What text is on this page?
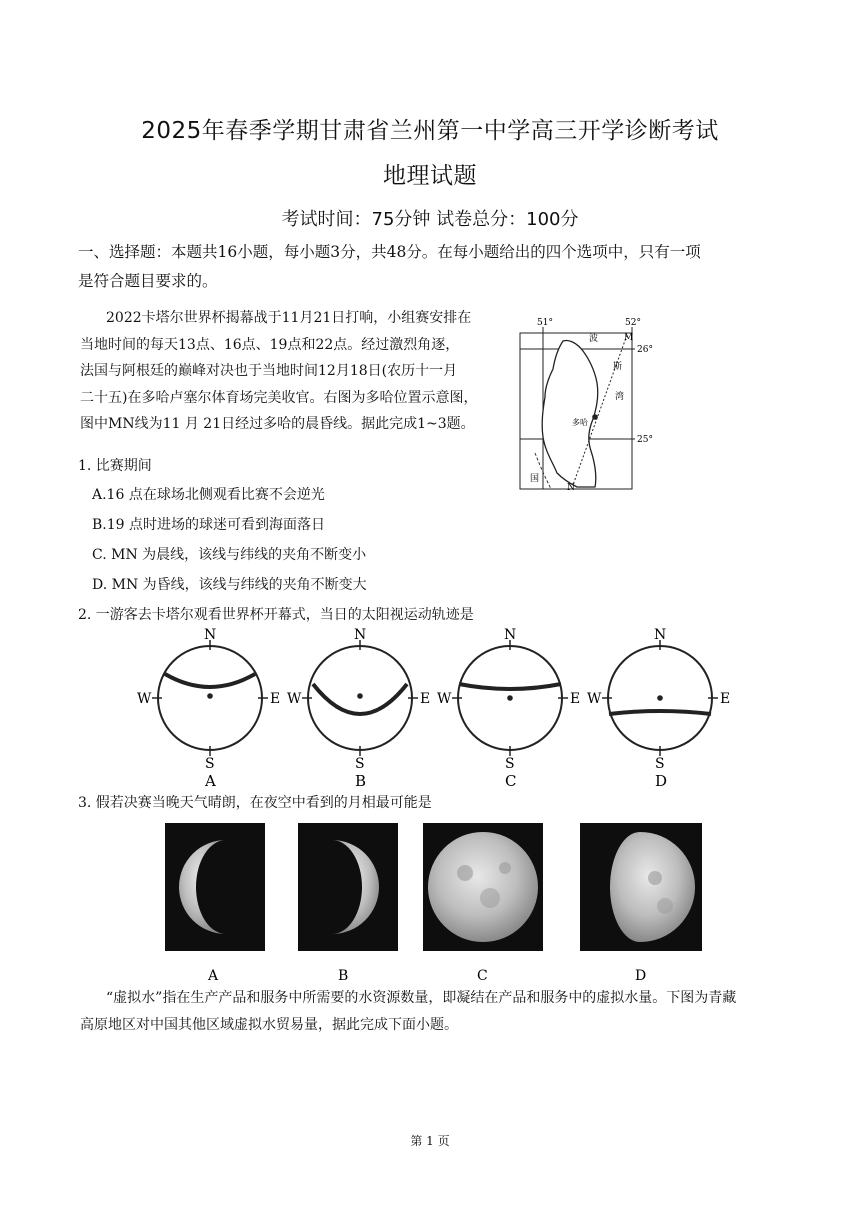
2025年春季学期甘肃省兰州第一中学高三开学诊断考试
地理试题
考试时间：75分钟 试卷总分：100分
一、选择题：本题共16小题，每小题3分，共48分。在每小题给出的四个选项中，只有一项
是符合题目要求的。
2022卡塔尔世界杯揭幕战于11月21日打响，小组赛安排在
当地时间的每天13点、16点、19点和22点。经过激烈角逐，
法国与阿根廷的巅峰对决也于当地时间12月18日(农历十一月
二十五)在多哈卢塞尔体育场完美收官。右图为多哈位置示意图，
图中MN线为11 月 21日经过多哈的晨昏线。据此完成1~3题。
51°	52°
26°
25°
M
N
多哈
波
斯
湾
国
1. 比赛期间
A.16 点在球场北侧观看比赛不会逆光
B.19 点时进场的球迷可看到海面落日
C. MN 为晨线，该线与纬线的夹角不断变小
D. MN 为昏线，该线与纬线的夹角不断变大
2. 一游客去卡塔尔观看世界杯开幕式，当日的太阳视运动轨迹是
N
S
W	E
A
N
S
W	E
B
N
S
W	E
C
N
S
W	E
D
3. 假若决赛当晚天气晴朗，在夜空中看到的月相最可能是
A	B	C	D
“虚拟水”指在生产产品和服务中所需要的水资源数量，即凝结在产品和服务中的虚拟水量。下图为青藏
高原地区对中国其他区域虚拟水贸易量，据此完成下面小题。
第 1 页
